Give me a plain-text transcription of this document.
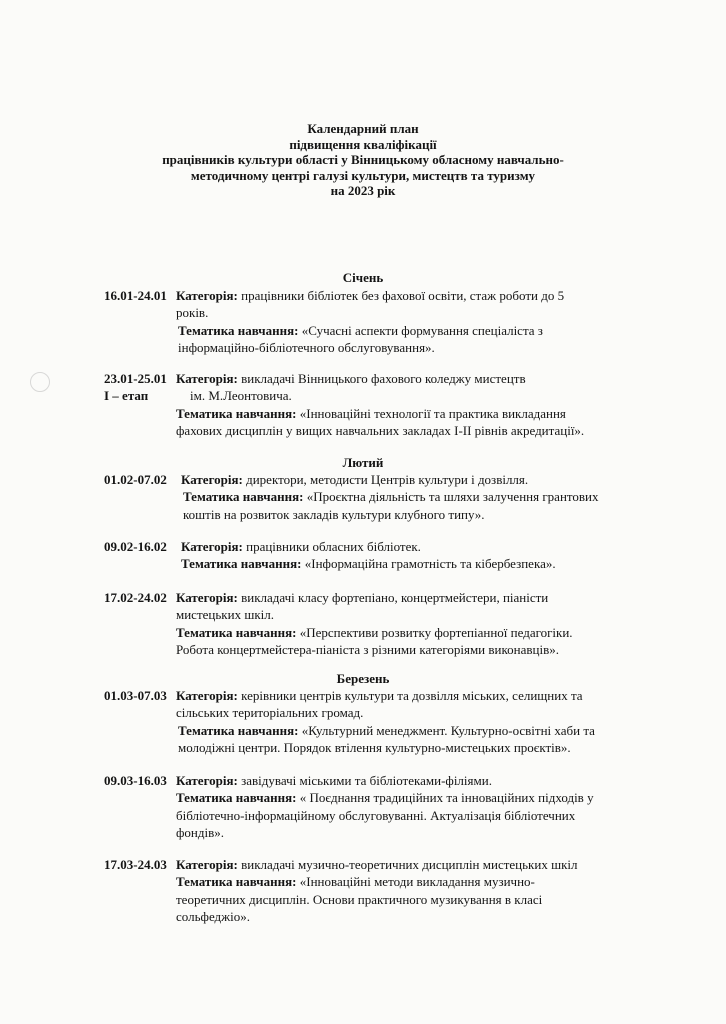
Календарний план
підвищення кваліфікації
працівників культури області у Вінницькому обласному навчально-
методичному центрі галузі культури, мистецтв та туризму
на 2023 рік
Січень
16.01-24.01 Категорія: працівники бібліотек без фахової освіти, стаж роботи до 5
років.
Тематика навчання: «Сучасні аспекти формування спеціаліста з
інформаційно-бібліотечного обслуговування».
23.01-25.01
І – етап
Категорія: викладачі Вінницького фахового коледжу мистецтв
ім. М.Леонтовича.
Тематика навчання: «Інноваційні технології та практика викладання
фахових дисциплін у вищих навчальних закладах І-ІІ рівнів акредитації».
Лютий
01.02-07.02 Категорія: директори, методисти Центрів культури і дозвілля.
Тематика навчання: «Проєктна діяльність та шляхи залучення грантових
коштів на розвиток закладів культури клубного типу».
09.02-16.02 Категорія: працівники обласних бібліотек.
Тематика навчання: «Інформаційна грамотність та кібербезпека».
17.02-24.02 Категорія: викладачі класу фортепіано, концертмейстери, піаністи
мистецьких шкіл.
Тематика навчання: «Перспективи розвитку фортепіанної педагогіки.
Робота концертмейстера-піаніста з різними категоріями виконавців».
Березень
01.03-07.03 Категорія: керівники центрів культури та дозвілля міських, селищних та
сільських територіальних громад.
Тематика навчання: «Культурний менеджмент. Культурно-освітні хаби та
молодіжні центри. Порядок втілення культурно-мистецьких проєктів».
09.03-16.03 Категорія: завідувачі міськими та бібліотеками-філіями.
Тематика навчання: « Поєднання традиційних та інноваційних підходів у
бібліотечно-інформаційному обслуговуванні. Актуалізація бібліотечних
фондів».
17.03-24.03 Категорія: викладачі музично-теоретичних дисциплін мистецьких шкіл
Тематика навчання: «Інноваційні методи викладання музично-
теоретичних дисциплін. Основи практичного музикування в класі
сольфеджіо».
